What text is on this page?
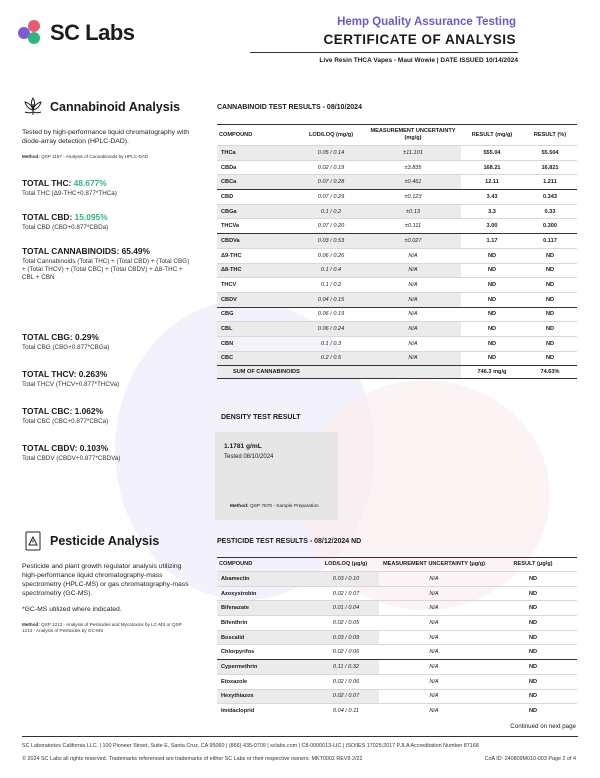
SC Labs	Hemp Quality Assurance Testing
CERTIFICATE OF ANALYSIS
Live Resin THCA Vapes - Maui Wowie | DATE ISSUED 10/14/2024
Cannabinoid Analysis
Tested by high-performance liquid chromatography with diode-array detection (HPLC-DAD).
Method: QSP 1157 - Analysis of Cannabinoids by HPLC-DAD
TOTAL THC: 48.677%
Total THC (Δ9-THC+0.877*THCa)
TOTAL CBD: 15.095%
Total CBD (CBD+0.877*CBDa)
TOTAL CANNABINOIDS: 65.49%
Total Cannabinoids (Total THC) + (Total CBD) + (Total CBG) + (Total THCV) + (Total CBC) + (Total CBDV) + Δ8-THC + CBL + CBN
TOTAL CBG: 0.29%
Total CBG (CBG+0.877*CBGa)
TOTAL THCV: 0.263%
Total THCV (THCV+0.877*THCVa)
TOTAL CBC: 1.062%
Total CBC (CBC+0.877*CBCa)
TOTAL CBDV: 0.103%
Total CBDV (CBDV+0.877*CBDVa)
CANNABINOID TEST RESULTS - 08/10/2024
COMPOUND	LOD/LOQ (mg/g)	MEASUREMENT UNCERTAINTY (mg/g)	RESULT (mg/g)	RESULT (%)
THCa	0.05 / 0.14	±11.101	555.04	55.504
CBDa	0.02 / 0.19	±3.835	168.21	16.821
CBCa	0.07 / 0.28	±0.461	12.11	1.211
CBD	0.07 / 0.29	±0.123	3.43	0.343
CBGa	0.1 / 0.2	±0.13	3.3	0.33
THCVa	0.07 / 0.20	±0.111	3.00	0.300
CBDVa	0.03 / 0.53	±0.027	1.17	0.117
Δ9-THC	0.06 / 0.26	N/A	ND	ND
Δ8-THC	0.1 / 0.4	N/A	ND	ND
THCV	0.1 / 0.2	N/A	ND	ND
CBDV	0.04 / 0.15	N/A	ND	ND
CBG	0.06 / 0.19	N/A	ND	ND
CBL	0.06 / 0.24	N/A	ND	ND
CBN	0.1 / 0.3	N/A	ND	ND
CBC	0.2 / 0.5	N/A	ND	ND
SUM OF CANNABINOIDS			746.3 mg/g	74.63%
DENSITY TEST RESULT
1.1781 g/mL
Tested 08/10/2024
Method: QSP 7870 - Sample Preparation
Pesticide Analysis
Pesticide and plant growth regulator analysis utilizing high-performance liquid chromatography-mass spectrometry (HPLC-MS) or gas chromatography-mass spectrometry (GC-MS).
*GC-MS utilized where indicated.
Method: QSP 1212 - Analysis of Pesticides and Mycotoxins by LC-MS or QSP 1213 - Analysis of Pesticides by GC-MS
PESTICIDE TEST RESULTS - 08/12/2024 ND
COMPOUND	LOD/LOQ (μg/g)	MEASUREMENT UNCERTAINTY (μg/g)	RESULT (μg/g)
Abamectin	0.03 / 0.10	N/A	ND
Azoxystrobin	0.02 / 0.07	N/A	ND
Bifenazate	0.01 / 0.04	N/A	ND
Bifenthrin	0.02 / 0.05	N/A	ND
Boscalid	0.03 / 0.09	N/A	ND
Chlorpyrifos	0.02 / 0.06	N/A	ND
Cypermethrin	0.11 / 0.32	N/A	ND
Etoxazole	0.02 / 0.06	N/A	ND
Hexythiazox	0.02 / 0.07	N/A	ND
Imidacloprid	0.04 / 0.11	N/A	ND
Continued on next page
SC Laboratories California LLC. | 100 Pioneer Street, Suite E, Santa Cruz, CA 95060 | (866) 435-0709 | sclabs.com | C8-0000013-LIC | ISO/IES 17025:2017 PJLA Accreditation Number 87168
© 2024 SC Labs all rights reserved. Trademarks referenced are trademarks of either SC Labs or their respective owners. MKT0002 REV9 2/22	CoA ID: 240809M010-003 Page 2 of 4
